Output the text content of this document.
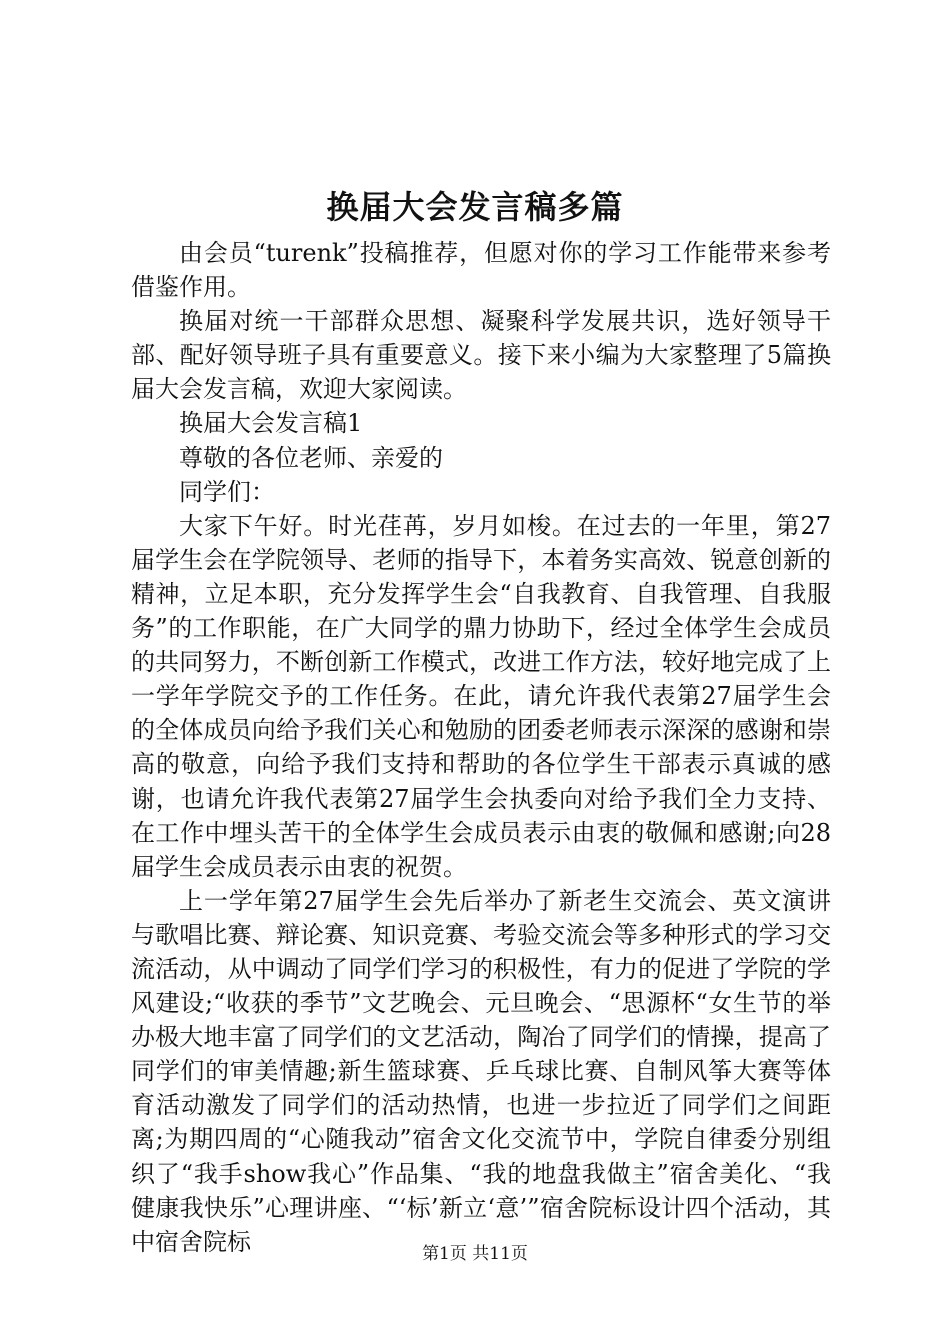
换届大会发言稿多篇

由会员“turenk”投稿推荐，但愿对你的学习工作能带来参考借鉴作用。

换届对统一干部群众思想、凝聚科学发展共识，选好领导干部、配好领导班子具有重要意义。接下来小编为大家整理了5篇换届大会发言稿，欢迎大家阅读。

换届大会发言稿1

尊敬的各位老师、亲爱的

同学们：

大家下午好。时光荏苒，岁月如梭。在过去的一年里，第27届学生会在学院领导、老师的指导下，本着务实高效、锐意创新的精神，立足本职，充分发挥学生会“自我教育、自我管理、自我服务”的工作职能，在广大同学的鼎力协助下，经过全体学生会成员的共同努力，不断创新工作模式，改进工作方法，较好地完成了上一学年学院交予的工作任务。在此，请允许我代表第27届学生会的全体成员向给予我们关心和勉励的团委老师表示深深的感谢和崇高的敬意，向给予我们支持和帮助的各位学生干部表示真诚的感谢，也请允许我代表第27届学生会执委向对给予我们全力支持、在工作中埋头苦干的全体学生会成员表示由衷的敬佩和感谢;向28届学生会成员表示由衷的祝贺。

上一学年第27届学生会先后举办了新老生交流会、英文演讲与歌唱比赛、辩论赛、知识竞赛、考验交流会等多种形式的学习交流活动，从中调动了同学们学习的积极性，有力的促进了学院的学风建设;“收获的季节”文艺晚会、元旦晚会、“思源杯“女生节的举办极大地丰富了同学们的文艺活动，陶冶了同学们的情操，提高了同学们的审美情趣;新生篮球赛、乒乓球比赛、自制风筝大赛等体育活动激发了同学们的活动热情，也进一步拉近了同学们之间距离;为期四周的“心随我动”宿舍文化交流节中，学院自律委分别组织了“我手show我心”作品集、“我的地盘我做主”宿舍美化、“我健康我快乐”心理讲座、“‘标’新立‘意’”宿舍院标设计四个活动，其中宿舍院标	第1页 共11页
